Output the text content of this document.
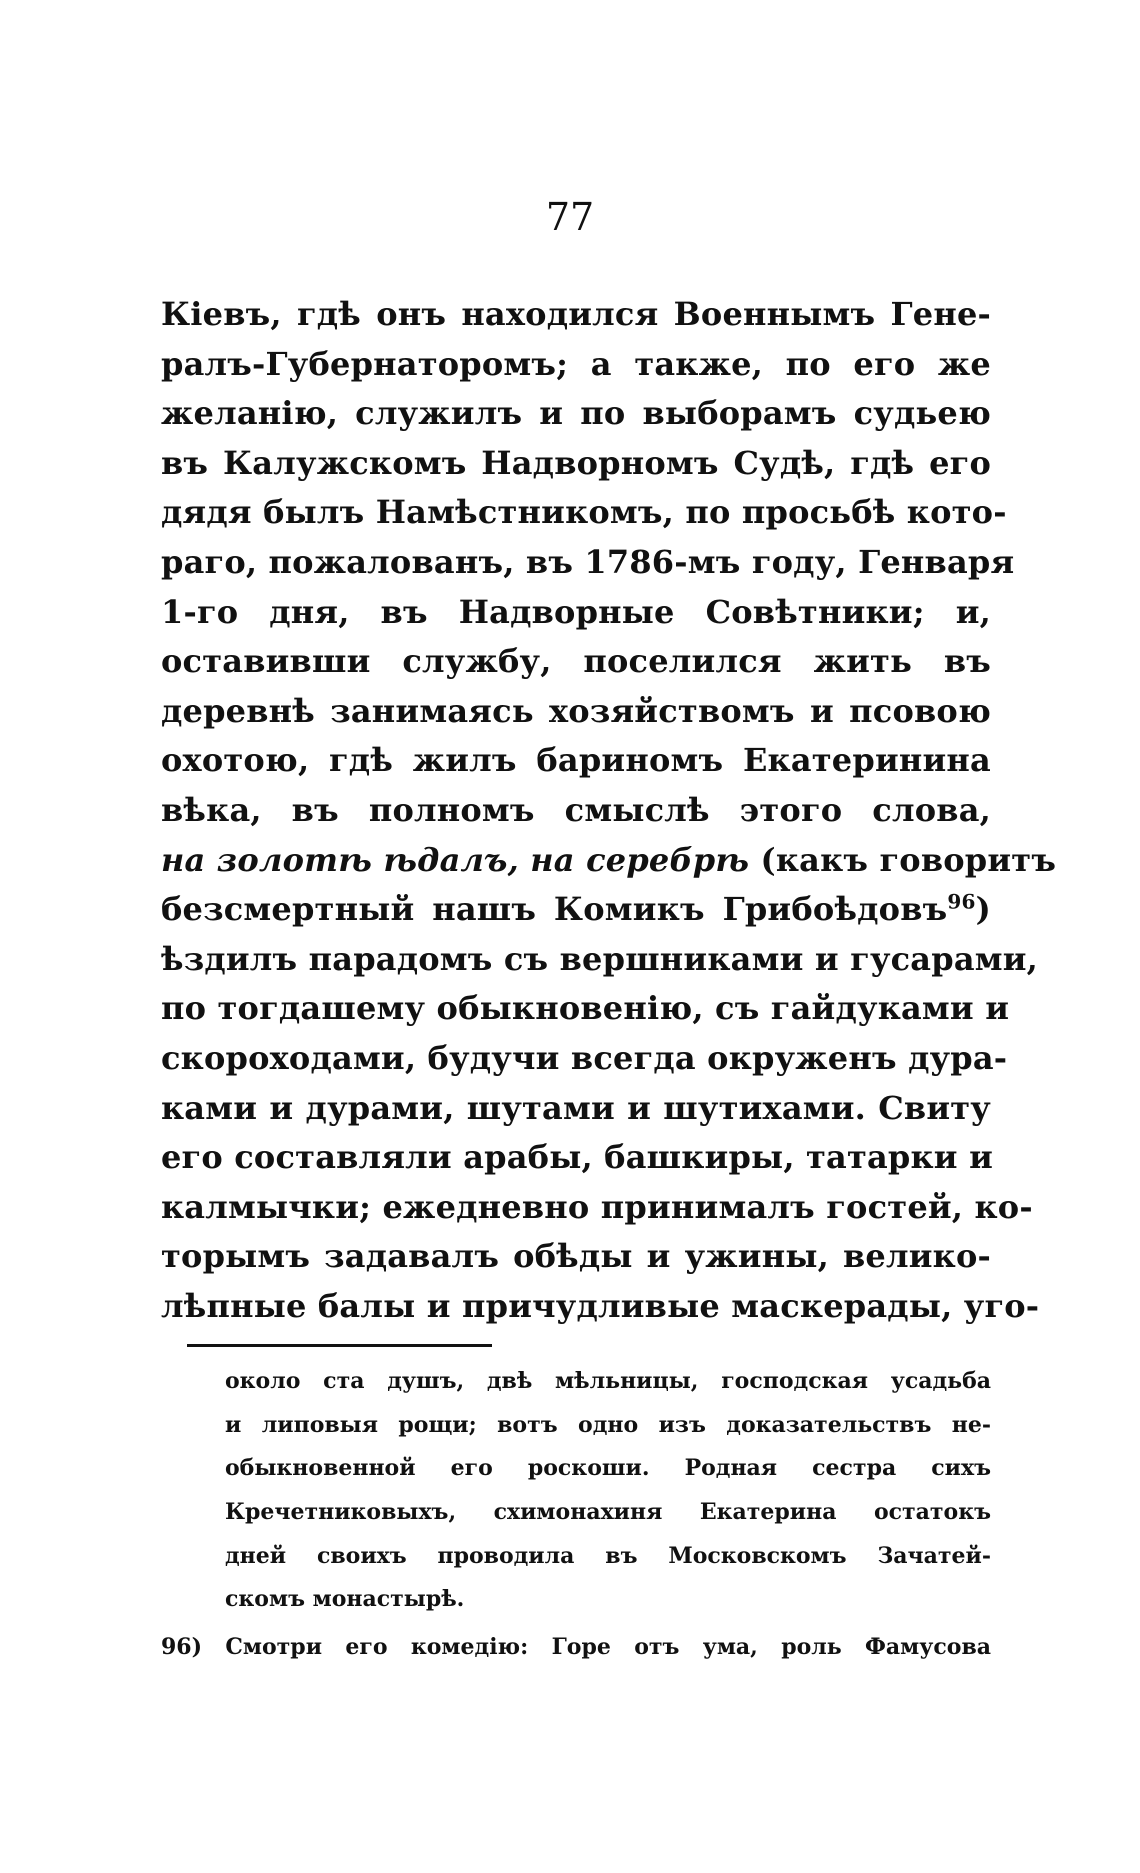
77
Кіевъ, гдѣ онъ находился Военнымъ Гене-
ралъ-Губернаторомъ; а также, по его же
желанію, служилъ и по выборамъ судьею
въ Калужскомъ Надворномъ Судѣ, гдѣ его
дядя былъ Намѣстникомъ, по просьбѣ кото-
раго, пожалованъ, въ 1786-мъ году, Генваря
1-го дня, въ Надворные Совѣтники; и,
оставивши службу, поселился жить въ
деревнѣ занимаясь хозяйствомъ и псовою
охотою, гдѣ жилъ бариномъ Екатеринина
вѣка, въ полномъ смыслѣ этого слова,
на золотѣ ѣдалъ, на серебрѣ (какъ говоритъ
безсмертный нашъ Комикъ Грибоѣдовъ$^{96}$)
ѣздилъ парадомъ съ вершниками и гусарами,
по тогдашему обыкновенію, съ гайдуками и
скороходами, будучи всегда окруженъ дура-
ками и дурами, шутами и шутихами. Свиту
его составляли арабы, башкиры, татарки и
калмычки; ежедневно принималъ гостей, ко-
торымъ задавалъ обѣды и ужины, велико-
лѣпные балы и причудливые маскерады, уго-
около ста душъ, двѣ мѣльницы, господская усадьба
и липовыя рощи; вотъ одно изъ доказательствъ не-
обыкновенной его роскоши. Родная сестра сихъ
Кречетниковыхъ, схимонахиня Екатерина остатокъ
дней своихъ проводила въ Московскомъ Зачатей-
скомъ монастырѣ.
96) Смотри его комедію: Горе отъ ума, роль Фамусова
